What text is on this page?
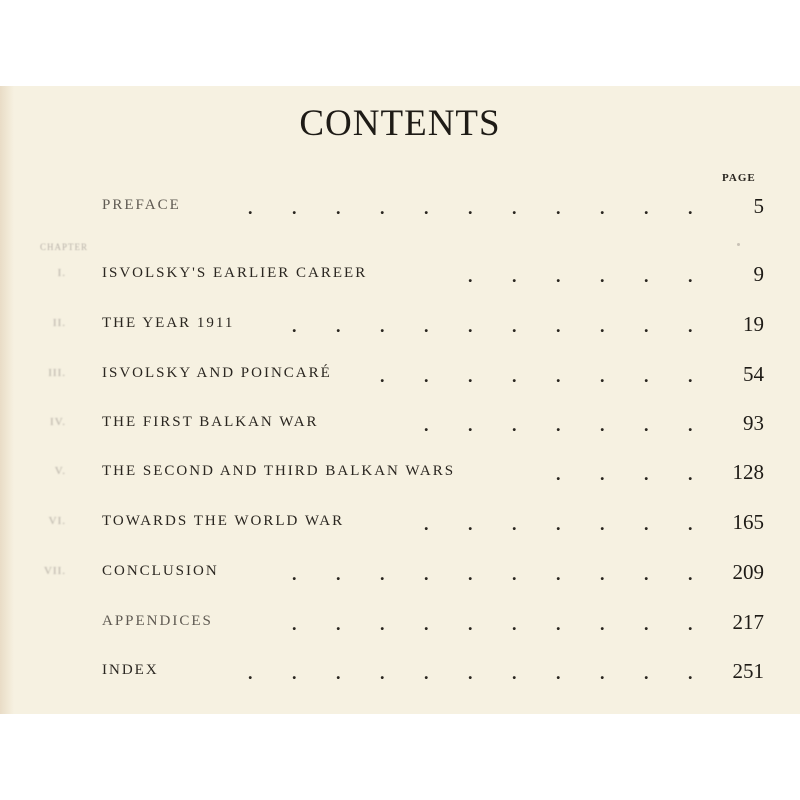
CONTENTS
PAGE
CHAPTER
PREFACE	. . . . . . . . . . . 5
I. ISVOLSKY'S EARLIER CAREER	. . . . . . 9
II. THE YEAR 1911	. . . . . . . . . . 19
III. ISVOLSKY AND POINCARÉ	. . . . . . . . 54
IV. THE FIRST BALKAN WAR	. . . . . . . 93
V. THE SECOND AND THIRD BALKAN WARS	. . . . 128
VI. TOWARDS THE WORLD WAR	. . . . . . . 165
VII. CONCLUSION	. . . . . . . . . . 209
APPENDICES	. . . . . . . . . . 217
INDEX	. . . . . . . . . . . 251
